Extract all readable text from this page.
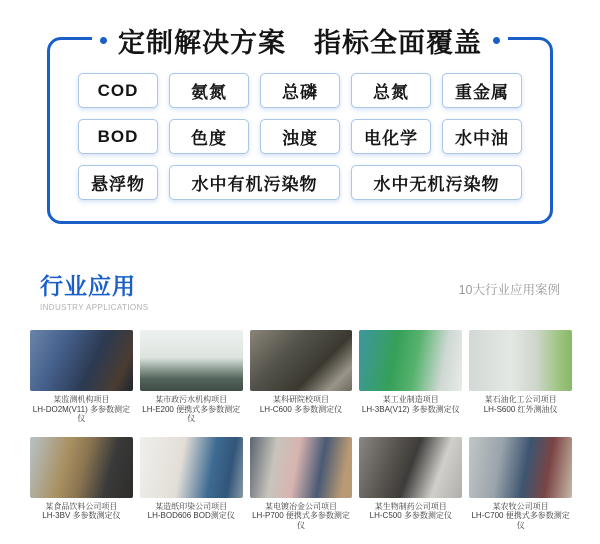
定制解决方案　指标全面覆盖
COD	氨氮	总磷	总氮	重金属
BOD	色度	浊度	电化学	水中油
悬浮物	水中有机污染物	水中无机污染物
行业应用
INDUSTRY APPLICATIONS
10大行业应用案例
某监测机构项目
LH-DO2M(V11) 多参数测定仪
某市政污水机构项目
LH-E200 便携式多参数测定仪
某科研院校项目
LH-C600 多参数测定仪
某工业制造项目
LH-3BA(V12) 多参数测定仪
某石油化工公司项目
LH-S600 红外测油仪
某食品饮料公司项目
LH-3BV 多参数测定仪
某造纸印染公司项目
LH-BOD606 BOD测定仪
某电镀冶金公司项目
LH-P700 便携式多参数测定仪
某生物制药公司项目
LH-C500 多参数测定仪
某农牧公司项目
LH-C700 便携式多参数测定仪
